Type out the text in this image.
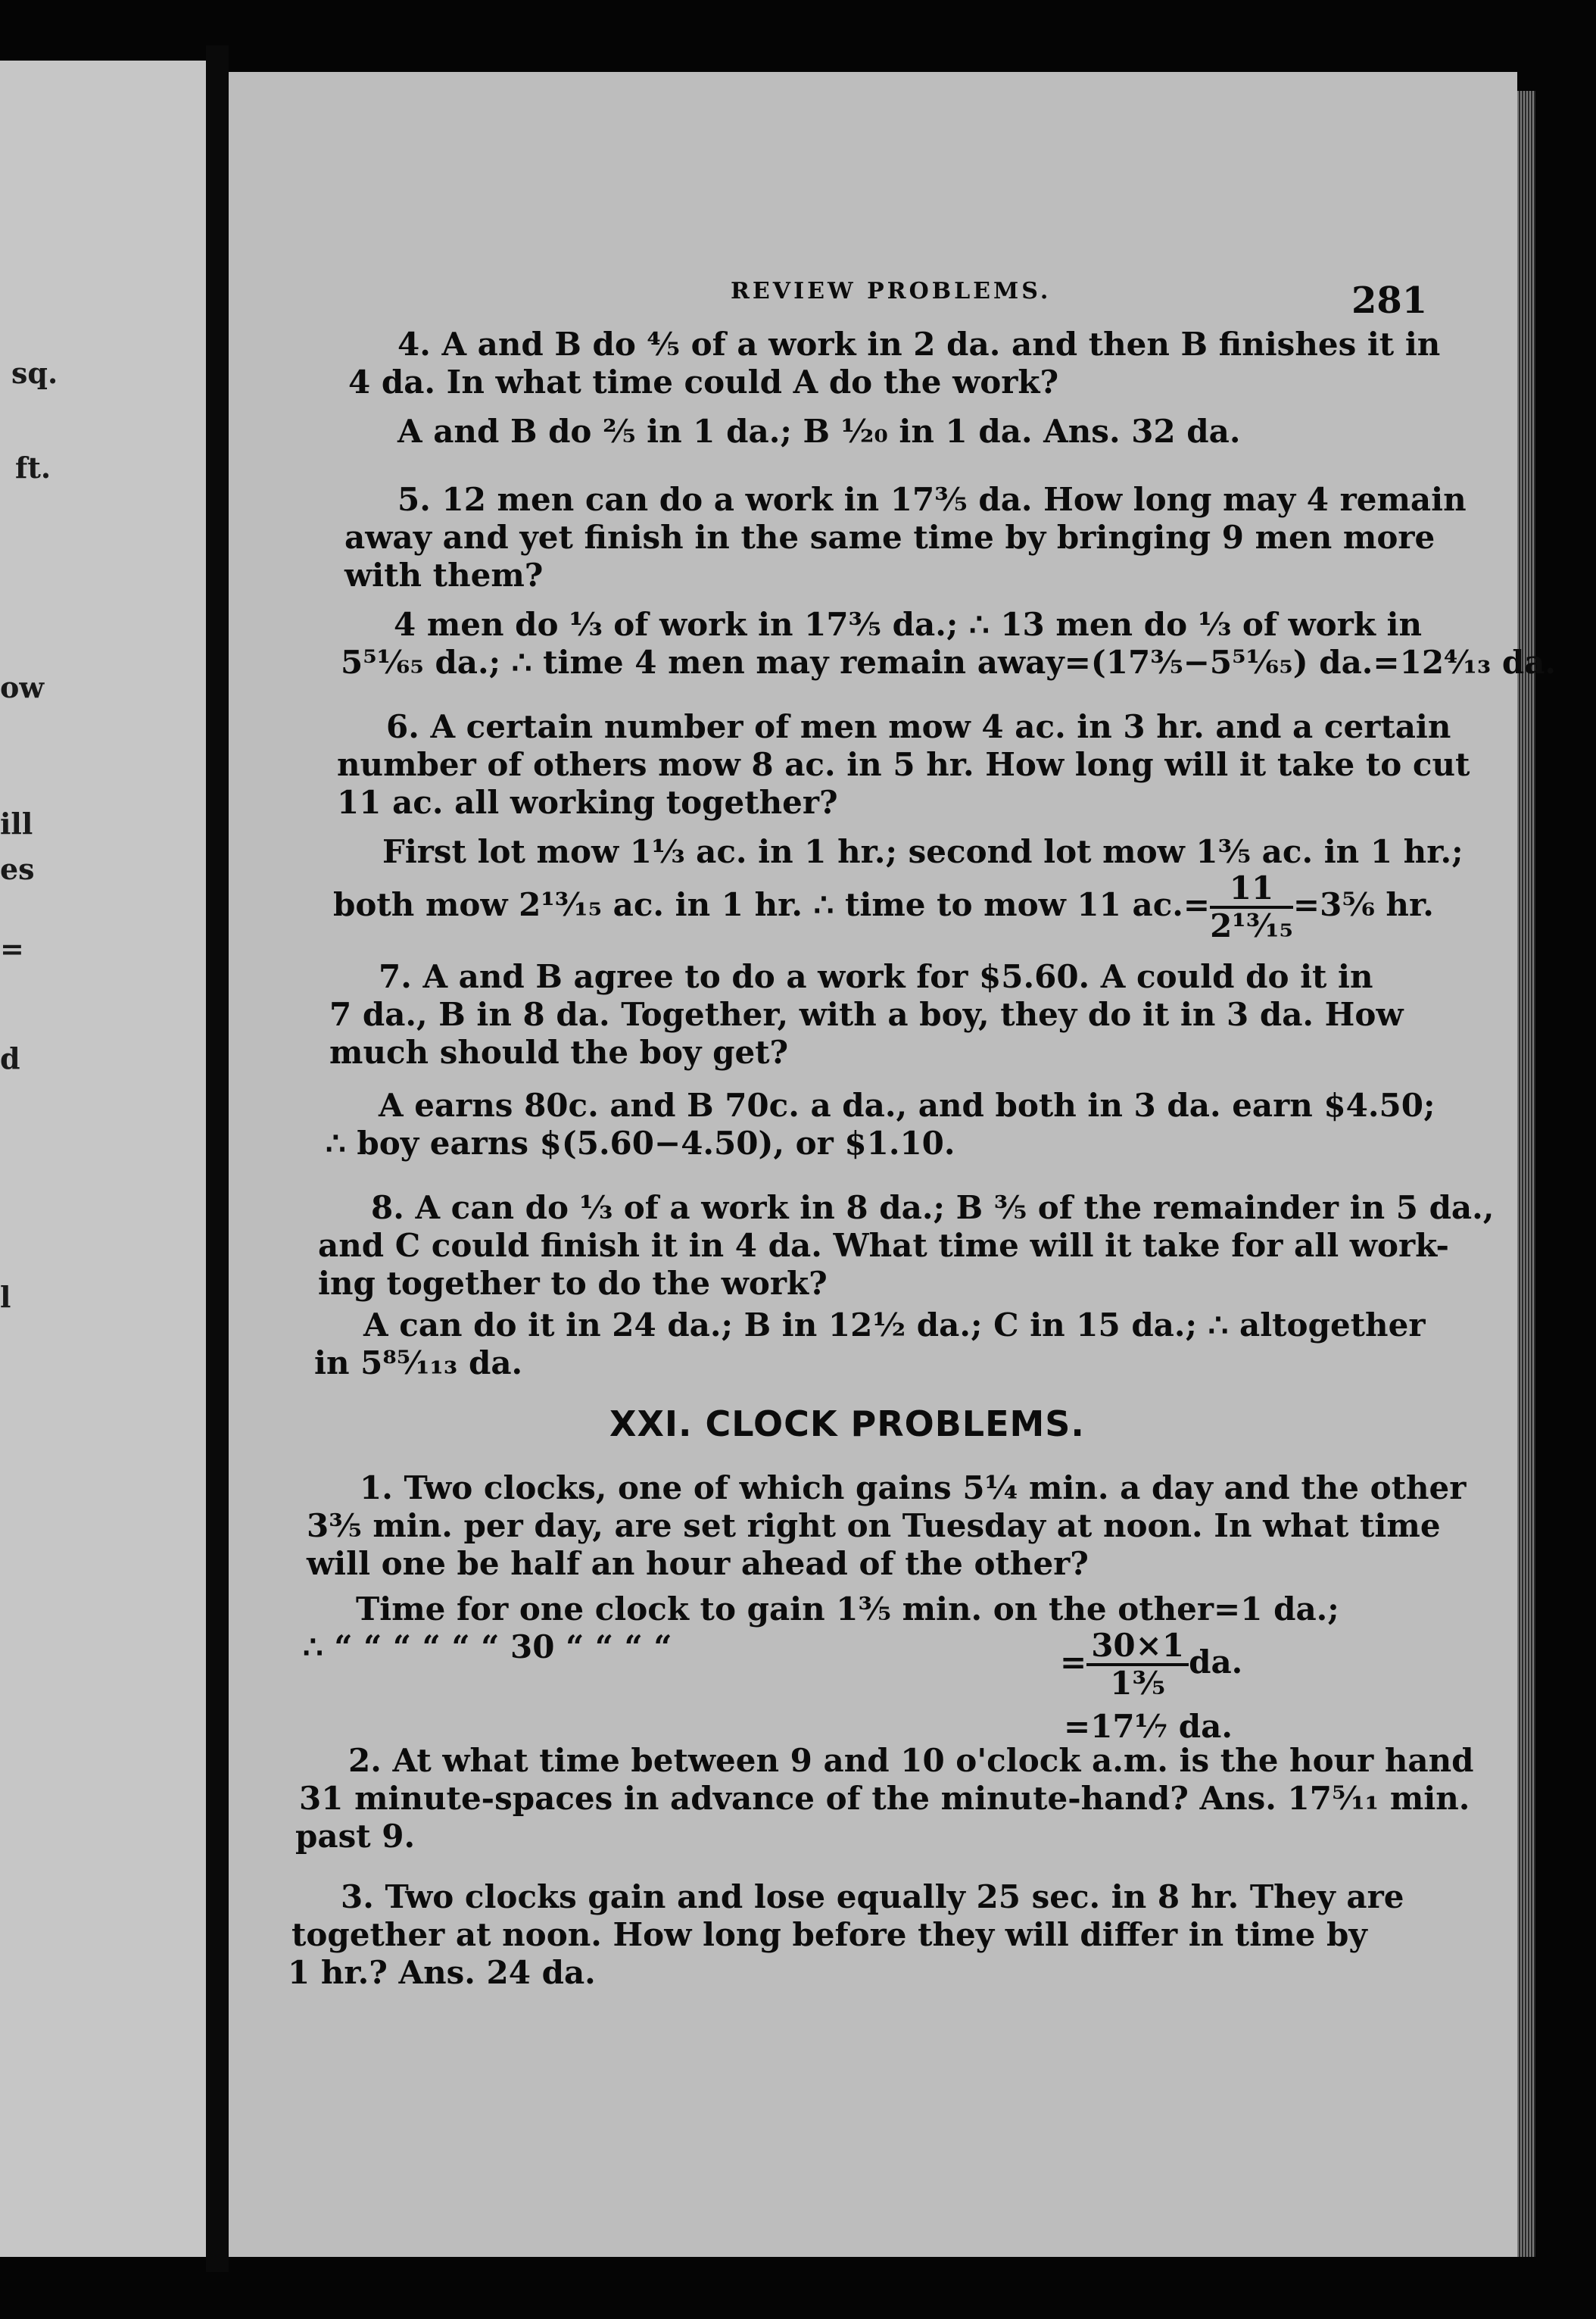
sq.
ft.
ow
ill
es
=
d
l
REVIEW PROBLEMS.	281
4. A and B do ⅘ of a work in 2 da. and then B finishes it in
4 da. In what time could A do the work?
A and B do ⅖ in 1 da.; B ¹⁄₂₀ in 1 da. Ans. 32 da.
5. 12 men can do a work in 17⅗ da. How long may 4 remain
away and yet finish in the same time by bringing 9 men more
with them?
4 men do ⅓ of work in 17⅗ da.; ∴ 13 men do ⅓ of work in
5⁵¹⁄₆₅ da.; ∴ time 4 men may remain away=(17⅗−5⁵¹⁄₆₅) da.=12⁴⁄₁₃ da.
6. A certain number of men mow 4 ac. in 3 hr. and a certain
number of others mow 8 ac. in 5 hr. How long will it take to cut
11 ac. all working together?
First lot mow 1⅓ ac. in 1 hr.; second lot mow 1⅗ ac. in 1 hr.;
both mow 2¹³⁄₁₅ ac. in 1 hr. ∴ time to mow 11 $ac.= \frac{11}{\text{2¹³⁄₁₅}}$ =3⅚ hr.
7. A and B agree to do a work for $5.60. A could do it in
7 da., B in 8 da. Together, with a boy, they do it in 3 da. How
much should the boy get?
A earns 80c. and B 70c. a da., and both in 3 da. earn $4.50;
∴ boy earns $(5.60−4.50), or $1.10.
8. A can do ⅓ of a work in 8 da.; B ⅗ of the remainder in 5 da.,
and C could finish it in 4 da. What time will it take for all work-
ing together to do the work?
A can do it in 24 da.; B in 12½ da.; C in 15 da.; ∴ altogether
in 5⁸⁵⁄₁₁₃ da.
XXI. CLOCK PROBLEMS.
1. Two clocks, one of which gains 5¼ min. a day and the other
3⅗ min. per day, are set right on Tuesday at noon. In what time
will one be half an hour ahead of the other?
Time for one clock to gain 1⅗ min. on the other=1 da.;
∴ “ “ “ “ “ “ 30 “ “ “ “	= $\frac{30\times 1}{\text{1⅗}}$ da.
=17⅐ da.
2. At what time between 9 and 10 o'clock a.m. is the hour hand
31 minute-spaces in advance of the minute-hand? Ans. 17⁵⁄₁₁ min.
past 9.
3. Two clocks gain and lose equally 25 sec. in 8 hr. They are
together at noon. How long before they will differ in time by
1 hr.? Ans. 24 da.
